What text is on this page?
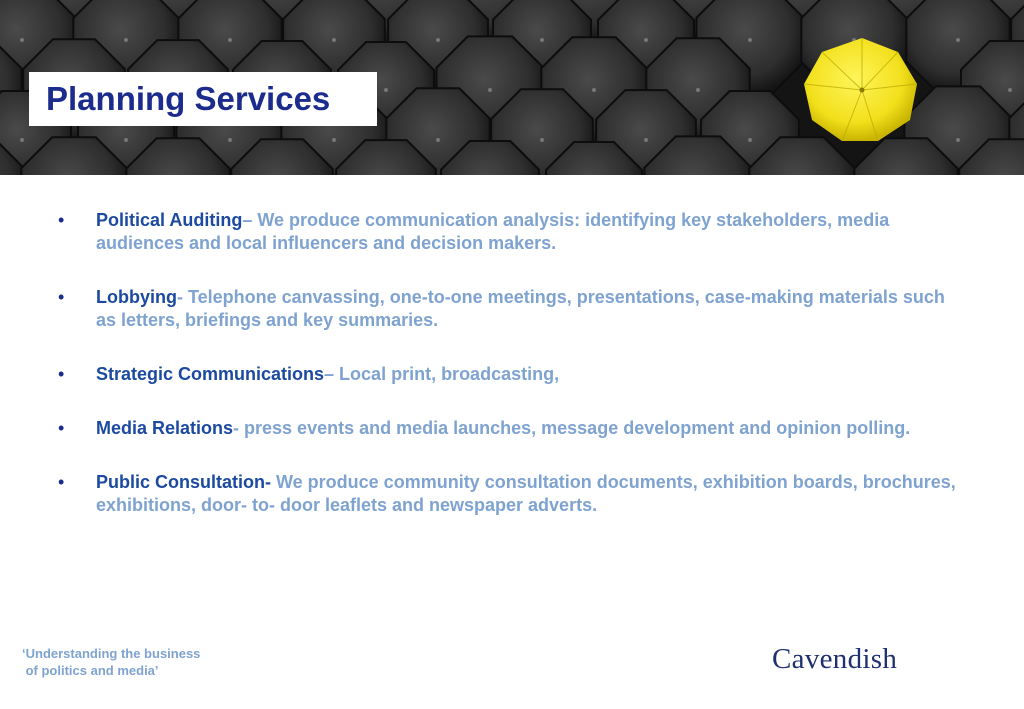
Planning Services
• Political Auditing– We produce communication analysis: identifying key stakeholders, media audiences and local influencers and decision makers.
• Lobbying- Telephone canvassing, one-to-one meetings, presentations, case-making materials such as letters, briefings and key summaries.
• Strategic Communications– Local print, broadcasting,
• Media Relations- press events and media launches, message development and opinion polling.
• Public Consultation- We produce community consultation documents, exhibition boards, brochures, exhibitions, door- to- door leaflets and newspaper adverts.
‘Understanding the business
of politics and media’	Cavendish
